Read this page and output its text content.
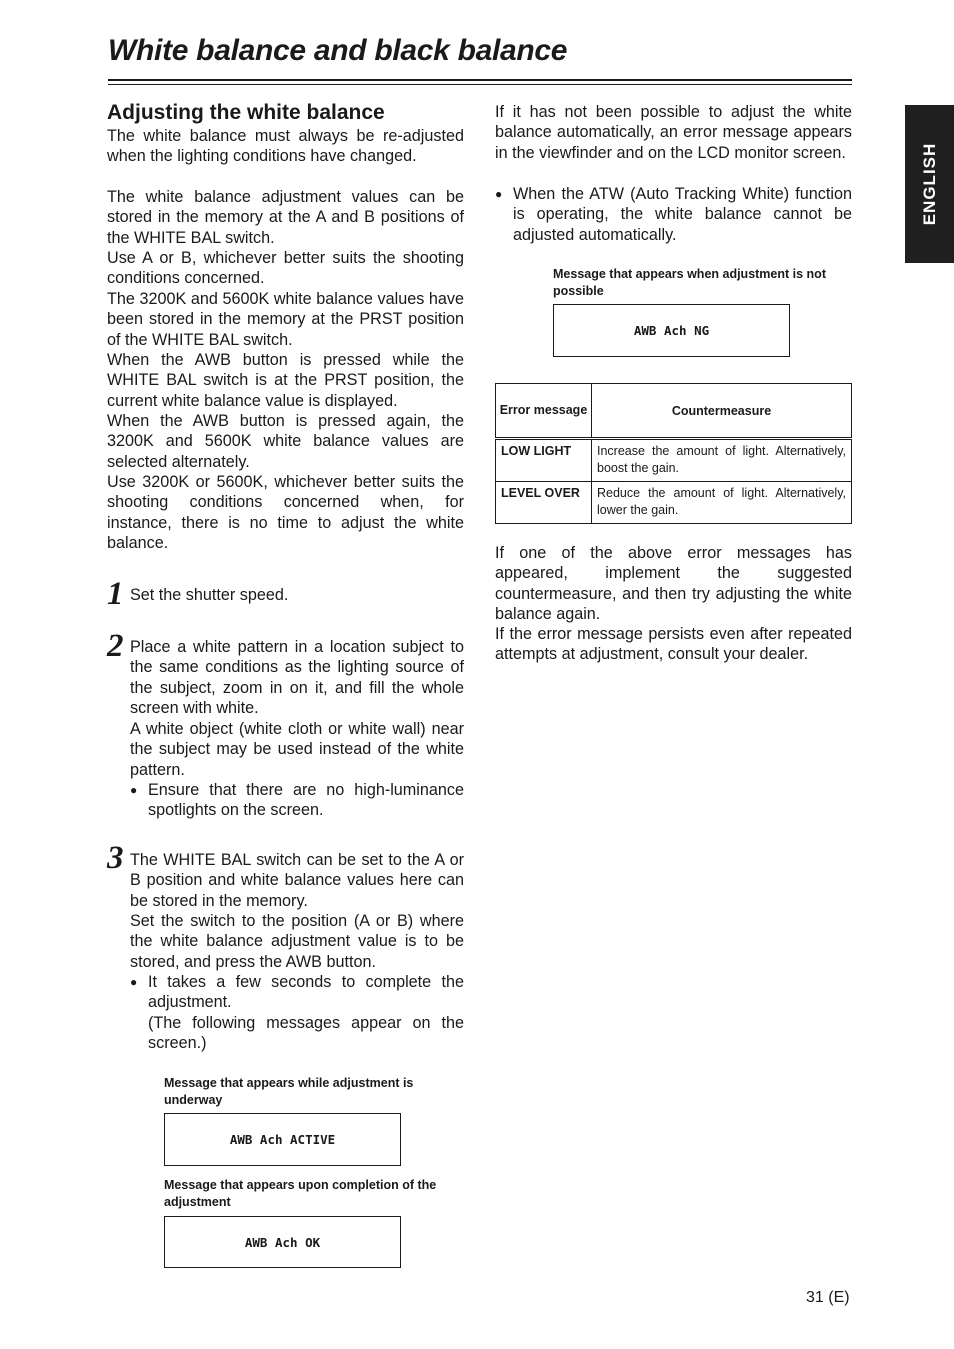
White balance and black balance
ENGLISH
Adjusting the white balance

The white balance must always be re-adjusted when the lighting conditions have changed.

The white balance adjustment values can be stored in the memory at the A and B positions of the WHITE BAL switch.

Use A or B, whichever better suits the shooting conditions concerned.

The 3200K and 5600K white balance values have been stored in the memory at the PRST position of the WHITE BAL switch.

When the AWB button is pressed while the WHITE BAL switch is at the PRST position, the current white balance value is displayed.

When the AWB button is pressed again, the 3200K and 5600K white balance values are selected alternately.

Use 3200K or 5600K, whichever better suits the shooting conditions concerned when, for instance, there is no time to adjust the white balance.

1 Set the shutter speed.

2 Place a white pattern in a location subject to the same conditions as the lighting source of the subject, zoom in on it, and fill the whole screen with white.

A white object (white cloth or white wall) near the subject may be used instead of the white pattern.

● Ensure that there are no high-luminance spotlights on the screen.
3 The WHITE BAL switch can be set to the A or B position and white balance values here can be stored in the memory.

Set the switch to the position (A or B) where the white balance adjustment value is to be stored, and press the AWB button.

● It takes a few seconds to complete the adjustment.
(The following messages appear on the screen.)

Message that appears while adjustment is underway

AWB Ach ACTIVE

Message that appears upon completion of the adjustment

AWB Ach OK

If it has not been possible to adjust the white balance automatically, an error message appears in the viewfinder and on the LCD monitor screen.

● When the ATW (Auto Tracking White) function is operating, the white balance cannot be adjusted automatically.

Message that appears when adjustment is not possible

AWB Ach NG
Error message	Countermeasure
LOW LIGHT	Increase the amount of light. Alternatively, boost the gain.
LEVEL OVER	Reduce the amount of light. Alternatively, lower the gain.

If one of the above error messages has appeared, implement the suggested countermeasure, and then try adjusting the white balance again.

If the error message persists even after repeated attempts at adjustment, consult your dealer.

31 (E)
